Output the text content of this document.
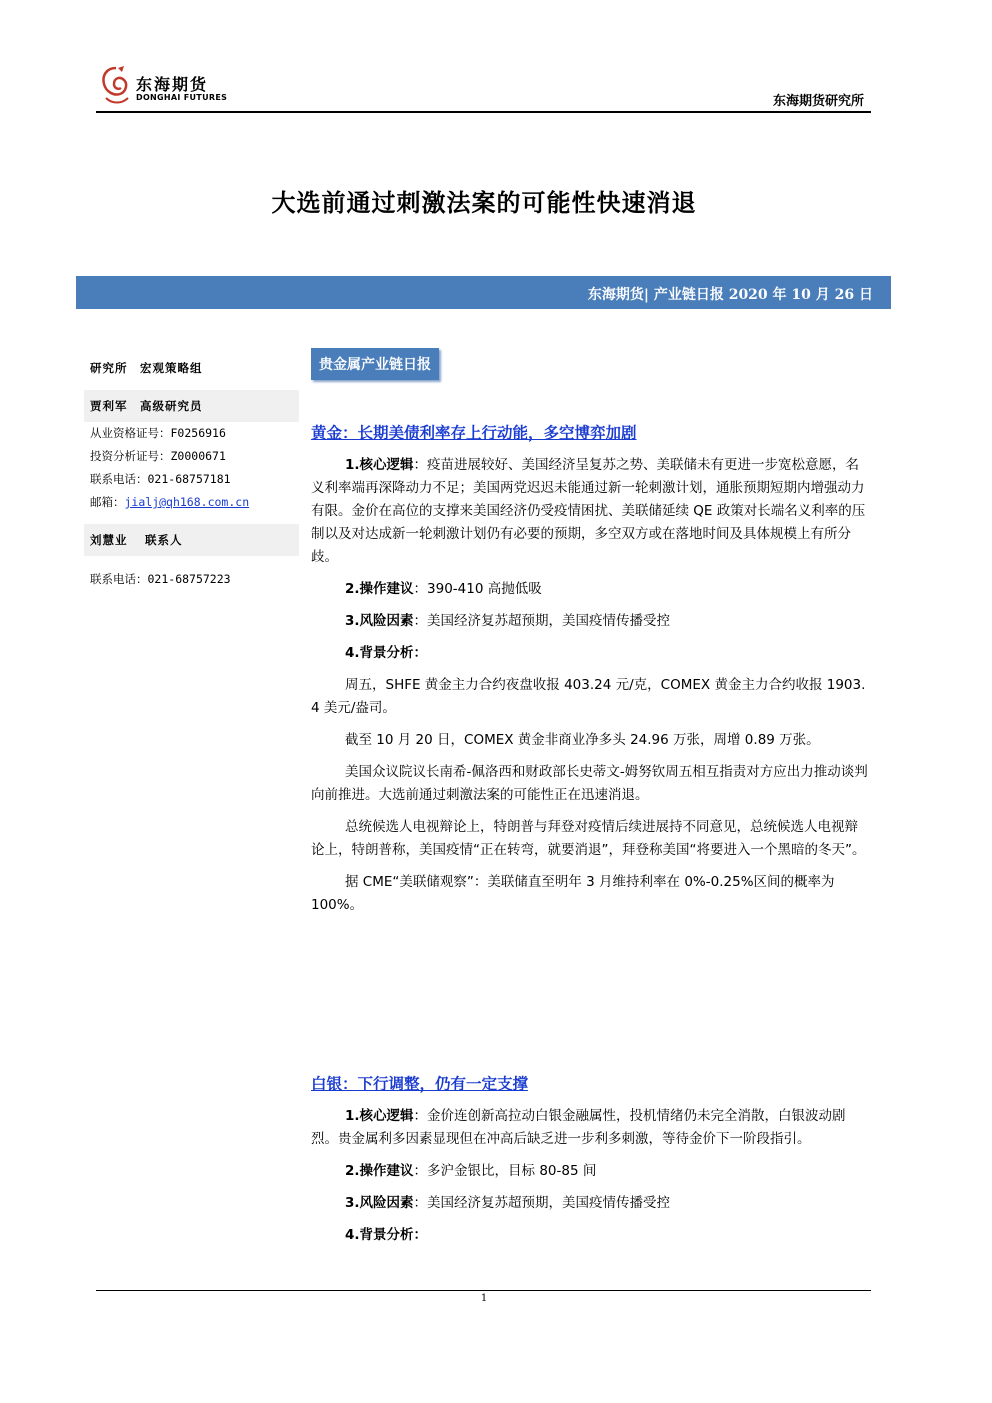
东海期货
DONGHAI FUTURES	东海期货研究所
大选前通过刺激法案的可能性快速消退
东海期货| 产业链日报 2020 年 10 月 26 日
研究所　宏观策略组
贾利军　高级研究员
从业资格证号：F0256916
投资分析证号：Z0000671
联系电话：021-68757181
邮箱：jialj@qh168.com.cn
刘慧业　 联系人
联系电话：021-68757223
贵金属产业链日报
黄金：长期美债利率存上行动能，多空博弈加剧

1.核心逻辑：疫苗进展较好、美国经济呈复苏之势、美联储未有更进一步宽松意愿，名义利率端再深降动力不足；美国两党迟迟未能通过新一轮刺激计划，通胀预期短期内增强动力有限。金价在高位的支撑来美国经济仍受疫情困扰、美联储延续 QE 政策对长端名义利率的压制以及对达成新一轮刺激计划仍有必要的预期，多空双方或在落地时间及具体规模上有所分歧。

2.操作建议：390-410 高抛低吸

3.风险因素：美国经济复苏超预期，美国疫情传播受控

4.背景分析：

周五，SHFE 黄金主力合约夜盘收报 403.24 元/克，COMEX 黄金主力合约收报 1903. 4 美元/盎司。

截至 10 月 20 日，COMEX 黄金非商业净多头 24.96 万张，周增 0.89 万张。

美国众议院议长南希-佩洛西和财政部长史蒂文-姆努钦周五相互指责对方应出力推动谈判向前推进。大选前通过刺激法案的可能性正在迅速消退。

总统候选人电视辩论上，特朗普与拜登对疫情后续进展持不同意见，总统候选人电视辩论上，特朗普称，美国疫情“正在转弯，就要消退”，拜登称美国“将要进入一个黑暗的冬天”。

据 CME“美联储观察”：美联储直至明年 3 月维持利率在 0%-0.25%区间的概率为 100%。

白银：下行调整，仍有一定支撑

1.核心逻辑：金价连创新高拉动白银金融属性，投机情绪仍未完全消散，白银波动剧烈。贵金属利多因素显现但在冲高后缺乏进一步利多刺激，等待金价下一阶段指引。

2.操作建议：多沪金银比，目标 80-85 间

3.风险因素：美国经济复苏超预期，美国疫情传播受控

4.背景分析：

1
